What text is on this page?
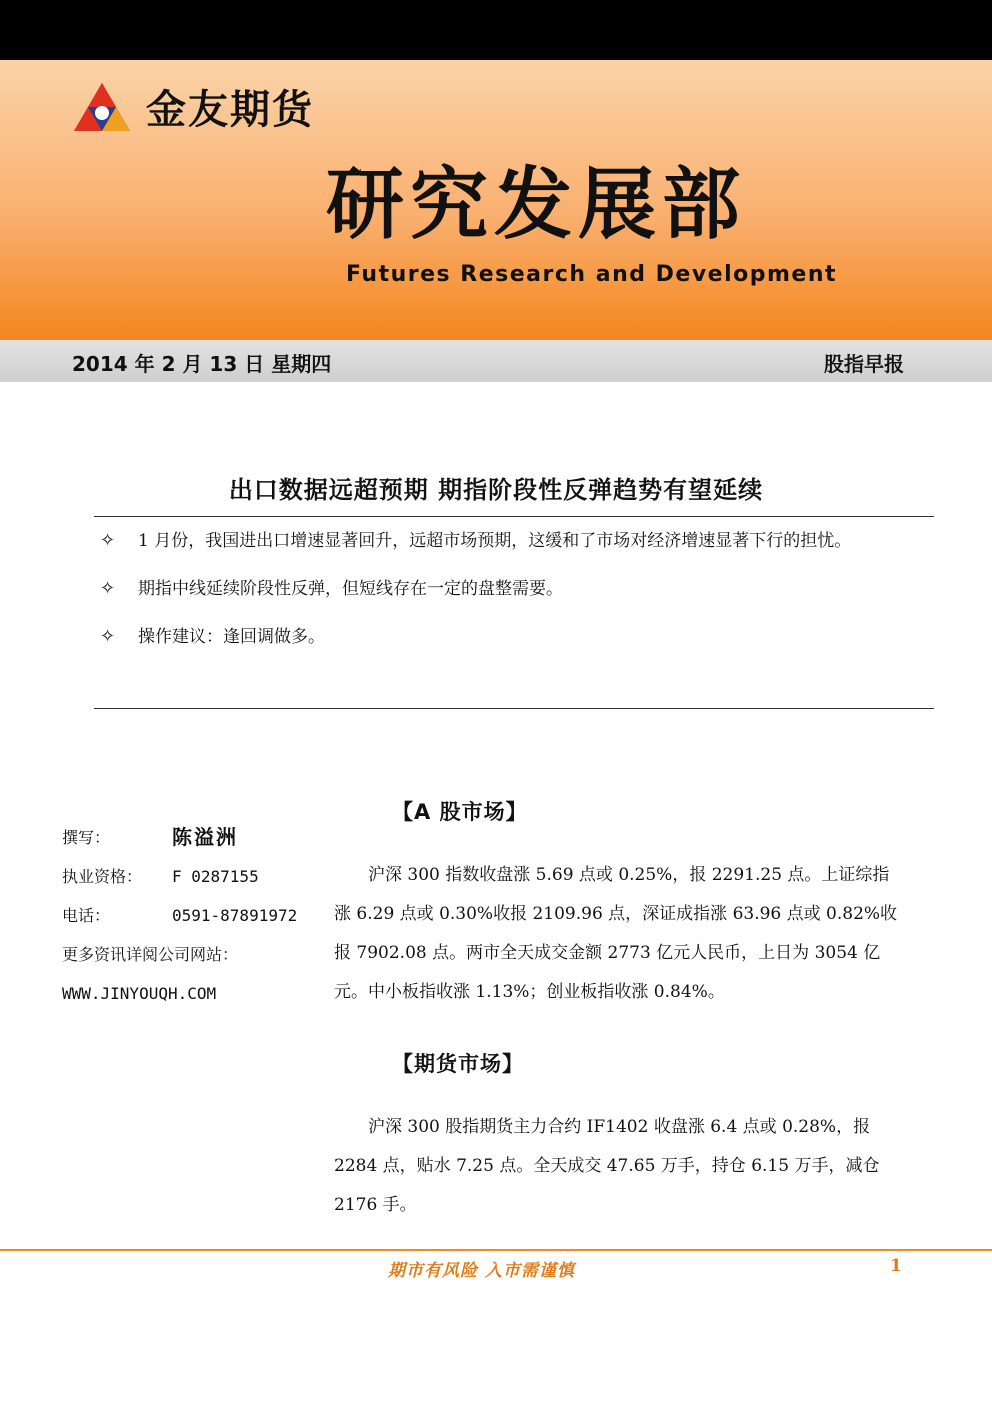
金友期货
研究发展部
Futures Research and Development
2014 年 2 月 13 日 星期四	股指早报
出口数据远超预期 期指阶段性反弹趋势有望延续
✧	1 月份，我国进出口增速显著回升，远超市场预期，这缓和了市场对经济增速显著下行的担忧。
✧	期指中线延续阶段性反弹，但短线存在一定的盘整需要。
✧	操作建议：逢回调做多。
撰写：	陈溢洲
执业资格：	F 0287155
电话：	0591-87891972
更多资讯详阅公司网站：
WWW.JINYOUQH.COM
【A 股市场】
沪深 300 指数收盘涨 5.69 点或 0.25%，报 2291.25 点。上证综指涨 6.29 点或 0.30%收报 2109.96 点，深证成指涨 63.96 点或 0.82%收报 7902.08 点。两市全天成交金额 2773 亿元人民币，上日为 3054 亿元。中小板指收涨 1.13%；创业板指收涨 0.84%。
【期货市场】
沪深 300 股指期货主力合约 IF1402 收盘涨 6.4 点或 0.28%，报 2284 点，贴水 7.25 点。全天成交 47.65 万手，持仓 6.15 万手，减仓 2176 手。
期市有风险 入市需谨慎	1
